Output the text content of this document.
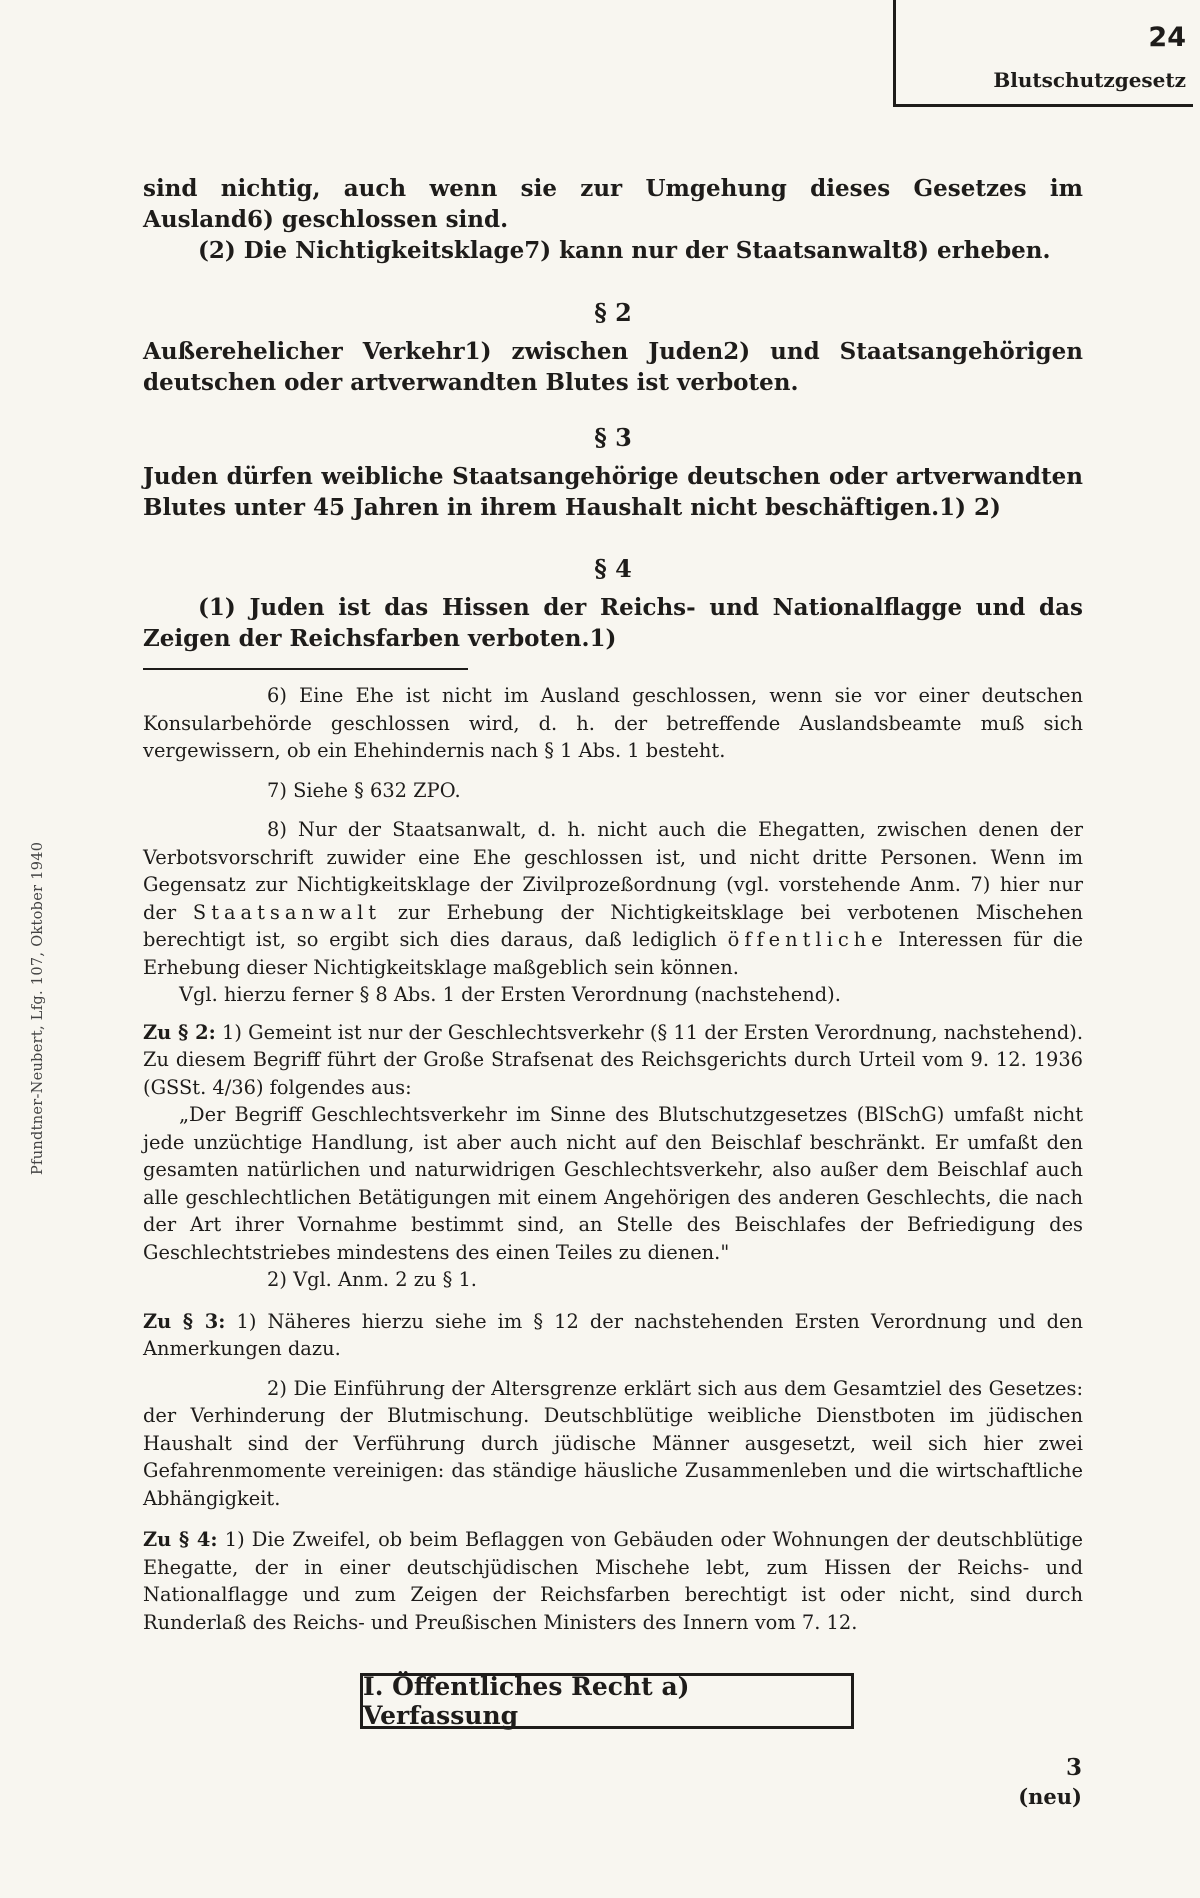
24
Blutschutzgesetz
Pfundtner-Neubert, Lfg. 107, Oktober 1940

sind nichtig, auch wenn sie zur Umgehung dieses Gesetzes im Ausland6) geschlossen sind.

(2) Die Nichtigkeitsklage7) kann nur der Staatsanwalt8) erheben.

§ 2

Außerehelicher Verkehr1) zwischen Juden2) und Staatsangehörigen deutschen oder artverwandten Blutes ist verboten.

§ 3

Juden dürfen weibliche Staatsangehörige deutschen oder artverwandten Blutes unter 45 Jahren in ihrem Haushalt nicht beschäftigen.1) 2)

§ 4

(1) Juden ist das Hissen der Reichs- und Nationalflagge und das Zeigen der Reichsfarben verboten.1)

6) Eine Ehe ist nicht im Ausland geschlossen, wenn sie vor einer deutschen Konsularbehörde geschlossen wird, d. h. der betreffende Auslandsbeamte muß sich vergewissern, ob ein Ehehindernis nach § 1 Abs. 1 besteht.

7) Siehe § 632 ZPO.

8) Nur der Staatsanwalt, d. h. nicht auch die Ehegatten, zwischen denen der Verbotsvorschrift zuwider eine Ehe geschlossen ist, und nicht dritte Personen. Wenn im Gegensatz zur Nichtigkeitsklage der Zivilprozeßordnung (vgl. vorstehende Anm. 7) hier nur der Staatsanwalt zur Erhebung der Nichtigkeitsklage bei verbotenen Mischehen berechtigt ist, so ergibt sich dies daraus, daß lediglich öffentliche Interessen für die Erhebung dieser Nichtigkeitsklage maßgeblich sein können.

Vgl. hierzu ferner § 8 Abs. 1 der Ersten Verordnung (nachstehend).

Zu § 2: 1) Gemeint ist nur der Geschlechtsverkehr (§ 11 der Ersten Verordnung, nachstehend). Zu diesem Begriff führt der Große Strafsenat des Reichsgerichts durch Urteil vom 9. 12. 1936 (GSSt. 4/36) folgendes aus:

„Der Begriff Geschlechtsverkehr im Sinne des Blutschutzgesetzes (BlSchG) umfaßt nicht jede unzüchtige Handlung, ist aber auch nicht auf den Beischlaf beschränkt. Er umfaßt den gesamten natürlichen und naturwidrigen Geschlechtsverkehr, also außer dem Beischlaf auch alle geschlechtlichen Betätigungen mit einem Angehörigen des anderen Geschlechts, die nach der Art ihrer Vornahme bestimmt sind, an Stelle des Beischlafes der Befriedigung des Geschlechtstriebes mindestens des einen Teiles zu dienen."

2) Vgl. Anm. 2 zu § 1.

Zu § 3: 1) Näheres hierzu siehe im § 12 der nachstehenden Ersten Verordnung und den Anmerkungen dazu.

2) Die Einführung der Altersgrenze erklärt sich aus dem Gesamtziel des Gesetzes: der Verhinderung der Blutmischung. Deutschblütige weibliche Dienstboten im jüdischen Haushalt sind der Verführung durch jüdische Männer ausgesetzt, weil sich hier zwei Gefahrenmomente vereinigen: das ständige häusliche Zusammenleben und die wirtschaftliche Abhängigkeit.

Zu § 4: 1) Die Zweifel, ob beim Beflaggen von Gebäuden oder Wohnungen der deutschblütige Ehegatte, der in einer deutschjüdischen Mischehe lebt, zum Hissen der Reichs- und Nationalflagge und zum Zeigen der Reichsfarben berechtigt ist oder nicht, sind durch Runderlaß des Reichs- und Preußischen Ministers des Innern vom 7. 12.

I. Öffentliches Recht a) Verfassung
3
(neu)
